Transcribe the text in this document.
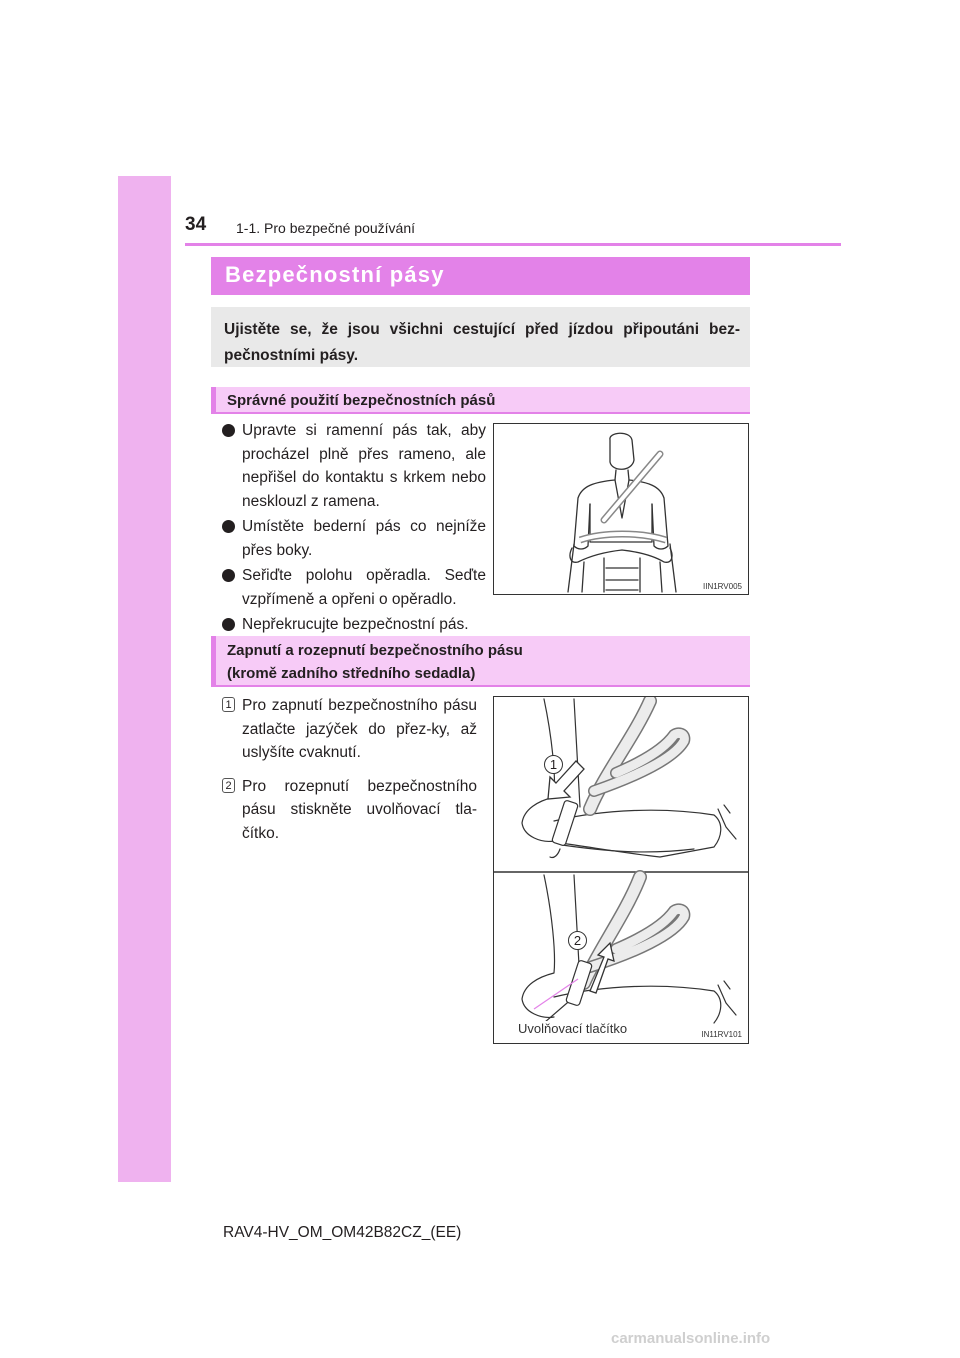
34 1-1. Pro bezpečné používání
Bezpečnostní pásy

Ujistěte se, že jsou všichni cestující před jízdou připoutáni bez-pečnostními pásy.

Správné použití bezpečnostních pásů
Upravte si ramenní pás tak, aby procházel plně přes rameno, ale nepřišel do kontaktu s krkem nebo nesklouzl z ramena.
Umístěte bederní pás co nejníže přes boky.
Seřiďte polohu opěradla. Seďte vzpřímeně a opřeni o opěradlo.
Nepřekrucujte bezpečnostní pás.
IIN1RV005
Zapnutí a rozepnutí bezpečnostního pásu
(kromě zadního středního sedadla)
1 Pro zapnutí bezpečnostního pásu zatlačte jazýček do přez-ky, až uslyšíte cvaknutí.
2 Pro rozepnutí bezpečnostního pásu stiskněte uvolňovací tla-čítko.
IN11RV101
Uvolňovací tlačítko
1
2
RAV4-HV_OM_OM42B82CZ_(EE)
carmanualsonline.info
